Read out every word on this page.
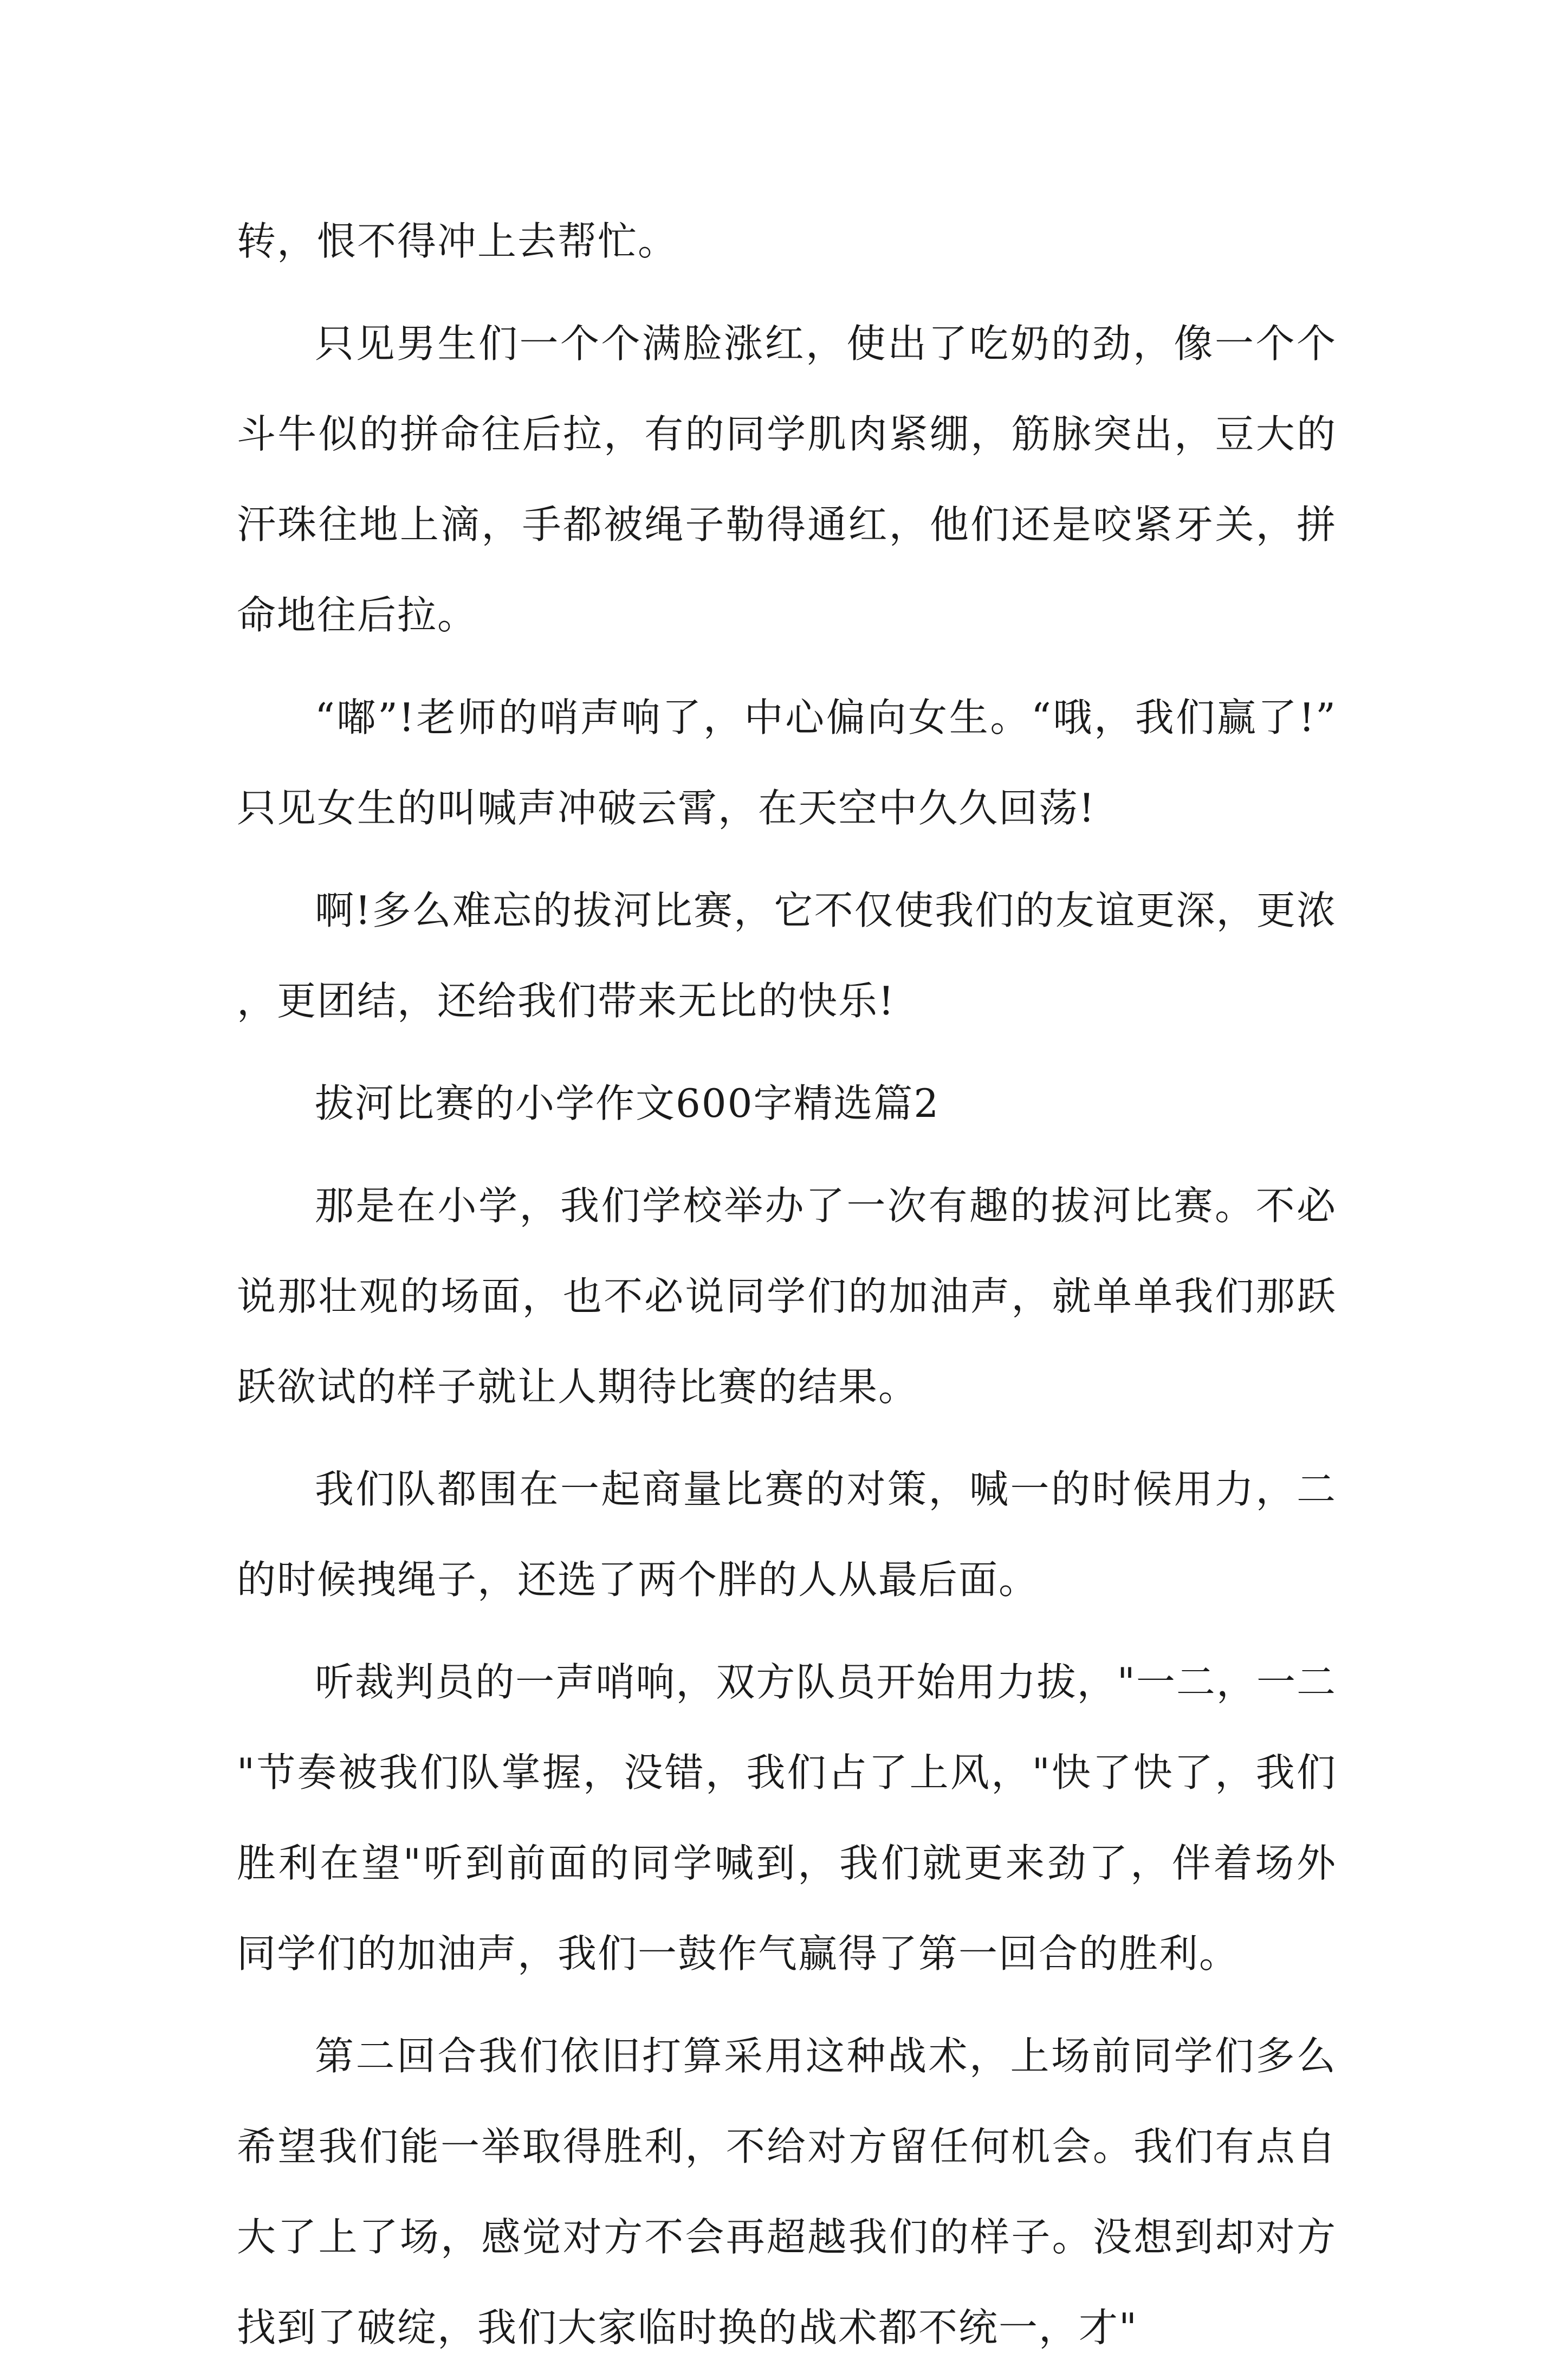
转，恨不得冲上去帮忙。

只见男生们一个个满脸涨红，使出了吃奶的劲，像一个个斗牛似的拼命往后拉，有的同学肌肉紧绷，筋脉突出，豆大的汗珠往地上滴，手都被绳子勒得通红，他们还是咬紧牙关，拼命地往后拉。

“嘟”!老师的哨声响了，中心偏向女生。“哦，我们赢了!”只见女生的叫喊声冲破云霄，在天空中久久回荡!

啊!多么难忘的拔河比赛，它不仅使我们的友谊更深，更浓，更团结，还给我们带来无比的快乐!

拔河比赛的小学作文600字精选篇2

那是在小学，我们学校举办了一次有趣的拔河比赛。不必说那壮观的场面，也不必说同学们的加油声，就单单我们那跃跃欲试的样子就让人期待比赛的结果。

我们队都围在一起商量比赛的对策，喊一的时候用力，二的时候拽绳子，还选了两个胖的人从最后面。

听裁判员的一声哨响，双方队员开始用力拔，"一二，一二"节奏被我们队掌握，没错，我们占了上风，"快了快了，我们胜利在望"听到前面的同学喊到，我们就更来劲了，伴着场外同学们的加油声，我们一鼓作气赢得了第一回合的胜利。

第二回合我们依旧打算采用这种战术，上场前同学们多么希望我们能一举取得胜利，不给对方留任何机会。我们有点自大了上了场，感觉对方不会再超越我们的样子。没想到却对方找到了破绽，我们大家临时换的战术都不统一，才"
